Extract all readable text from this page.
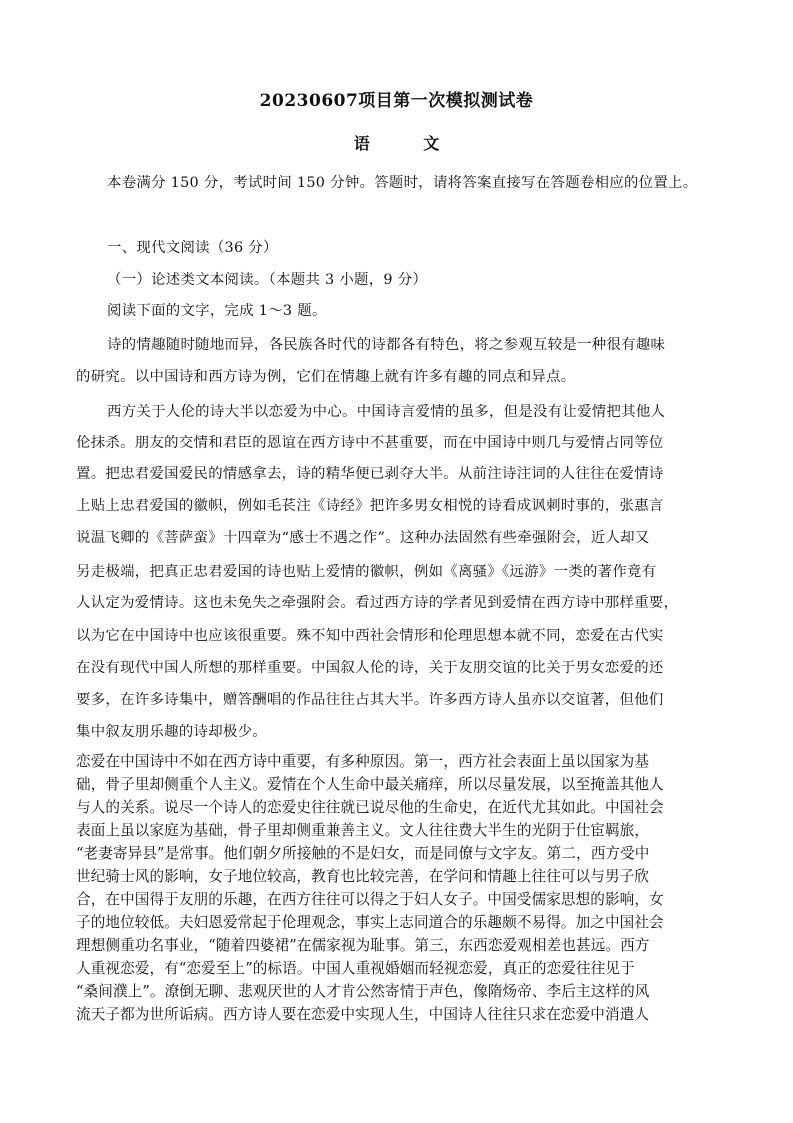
20230607项目第一次模拟测试卷
语 文
本卷满分 150 分，考试时间 150 分钟。答题时，请将答案直接写在答题卷相应的位置上。
一、现代文阅读（36 分）
（一）论述类文本阅读。（本题共 3 小题，9 分）
阅读下面的文字，完成 1～3 题。
诗的情趣随时随地而异，各民族各时代的诗都各有特色，将之参观互较是一种很有趣味
的研究。以中国诗和西方诗为例，它们在情趣上就有许多有趣的同点和异点。
西方关于人伦的诗大半以恋爱为中心。中国诗言爱情的虽多，但是没有让爱情把其他人
伦抹杀。朋友的交情和君臣的恩谊在西方诗中不甚重要，而在中国诗中则几与爱情占同等位
置。把忠君爱国爱民的情感拿去，诗的精华便已剥夺大半。从前注诗注词的人往往在爱情诗
上贴上忠君爱国的徽帜，例如毛苌注《诗经》把许多男女相悦的诗看成讽刺时事的，张惠言
说温飞卿的《菩萨蛮》十四章为“感士不遇之作”。这种办法固然有些牵强附会，近人却又
另走极端，把真正忠君爱国的诗也贴上爱情的徽帜，例如《离骚》《远游》一类的著作竟有
人认定为爱情诗。这也未免失之牵强附会。看过西方诗的学者见到爱情在西方诗中那样重要，
以为它在中国诗中也应该很重要。殊不知中西社会情形和伦理思想本就不同，恋爱在古代实
在没有现代中国人所想的那样重要。中国叙人伦的诗，关于友朋交谊的比关于男女恋爱的还
要多，在许多诗集中，赠答酬唱的作品往往占其大半。许多西方诗人虽亦以交谊著，但他们
集中叙友朋乐趣的诗却极少。
恋爱在中国诗中不如在西方诗中重要，有多种原因。第一，西方社会表面上虽以国家为基
础，骨子里却侧重个人主义。爱情在个人生命中最关痛痒，所以尽量发展，以至掩盖其他人
与人的关系。说尽一个诗人的恋爱史往往就已说尽他的生命史，在近代尤其如此。中国社会
表面上虽以家庭为基础，骨子里却侧重兼善主义。文人往往费大半生的光阴于仕宦羁旅，
“老妻寄异县”是常事。他们朝夕所接触的不是妇女，而是同僚与文字友。第二，西方受中
世纪骑士风的影响，女子地位较高，教育也比较完善，在学问和情趣上往往可以与男子欣
合，在中国得于友朋的乐趣，在西方往往可以得之于妇人女子。中国受儒家思想的影响，女
子的地位较低。夫妇恩爱常起于伦理观念，事实上志同道合的乐趣颇不易得。加之中国社会
理想侧重功名事业，“随着四婆裙”在儒家视为耻事。第三，东西恋爱观相差也甚远。西方
人重视恋爱，有“恋爱至上”的标语。中国人重视婚姻而轻视恋爱，真正的恋爱往往见于
“桑间濮上”。潦倒无聊、悲观厌世的人才肯公然寄情于声色，像隋炀帝、李后主这样的风
流天子都为世所诟病。西方诗人要在恋爱中实现人生，中国诗人往往只求在恋爱中消遣人
